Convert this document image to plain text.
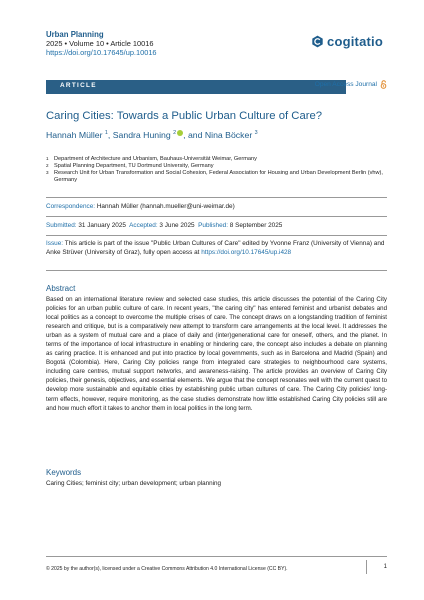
Urban Planning
2025 • Volume 10 • Article 10016
https://doi.org/10.17645/up.10016
cogitatio
ARTICLE	Open Access Journal
Caring Cities: Towards a Public Urban Culture of Care?
Hannah Müller $^1$, Sandra Huning $^2$ , and Nina Böcker $^3$
1 Department of Architecture and Urbanism, Bauhaus-Universität Weimar, Germany
2 Spatial Planning Department, TU Dortmund University, Germany
3 Research Unit for Urban Transformation and Social Cohesion, Federal Association for Housing and Urban Development Berlin (vhw), Germany
Correspondence: Hannah Müller (hannah.mueller@uni-weimar.de)
Submitted: 31 January 2025 Accepted: 3 June 2025 Published: 8 September 2025
Issue: This article is part of the issue "Public Urban Cultures of Care" edited by Yvonne Franz (University of Vienna) and Anke Strüver (University of Graz), fully open access at https://doi.org/10.17645/up.i428
Abstract
Based on an international literature review and selected case studies, this article discusses the potential of the Caring City policies for an urban public culture of care. In recent years, "the caring city" has entered feminist and urbanist debates and local politics as a concept to overcome the multiple crises of care. The concept draws on a longstanding tradition of feminist research and critique, but is a comparatively new attempt to transform care arrangements at the local level. It addresses the urban as a system of mutual care and a place of daily and (inter)generational care for oneself, others, and the planet. In terms of the importance of local infrastructure in enabling or hindering care, the concept also includes a debate on planning as caring practice. It is enhanced and put into practice by local governments, such as in Barcelona and Madrid (Spain) and Bogotá (Colombia). Here, Caring City policies range from integrated care strategies to neighbourhood care systems, including care centres, mutual support networks, and awareness-raising. The article provides an overview of Caring City policies, their genesis, objectives, and essential elements. We argue that the concept resonates well with the current quest to develop more sustainable and equitable cities by establishing public urban cultures of care. The Caring City policies' long-term effects, however, require monitoring, as the case studies demonstrate how little established Caring City policies still are and how much effort it takes to anchor them in local politics in the long term.
Keywords
Caring Cities; feminist city; urban development; urban planning
© 2025 by the author(s), licensed under a Creative Commons Attribution 4.0 International License (CC BY).	1
